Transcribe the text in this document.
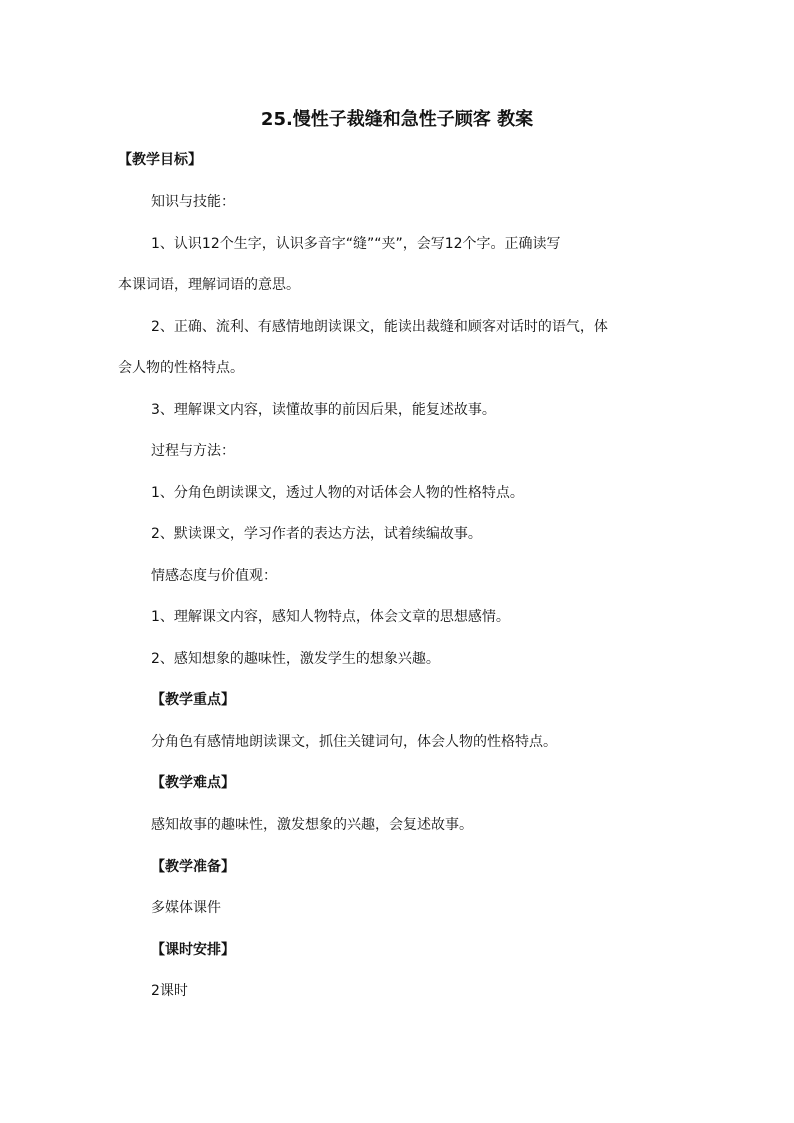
25.慢性子裁缝和急性子顾客 教案
【教学目标】
知识与技能：
1、认识12个生字，认识多音字“缝”“夹”，会写12个字。正确读写
本课词语，理解词语的意思。
2、正确、流利、有感情地朗读课文，能读出裁缝和顾客对话时的语气，体
会人物的性格特点。
3、理解课文内容，读懂故事的前因后果，能复述故事。
过程与方法：
1、分角色朗读课文，透过人物的对话体会人物的性格特点。
2、默读课文，学习作者的表达方法，试着续编故事。
情感态度与价值观：
1、理解课文内容，感知人物特点，体会文章的思想感情。
2、感知想象的趣味性，激发学生的想象兴趣。
【教学重点】
分角色有感情地朗读课文，抓住关键词句，体会人物的性格特点。
【教学难点】
感知故事的趣味性，激发想象的兴趣，会复述故事。
【教学准备】
多媒体课件
【课时安排】
2课时
